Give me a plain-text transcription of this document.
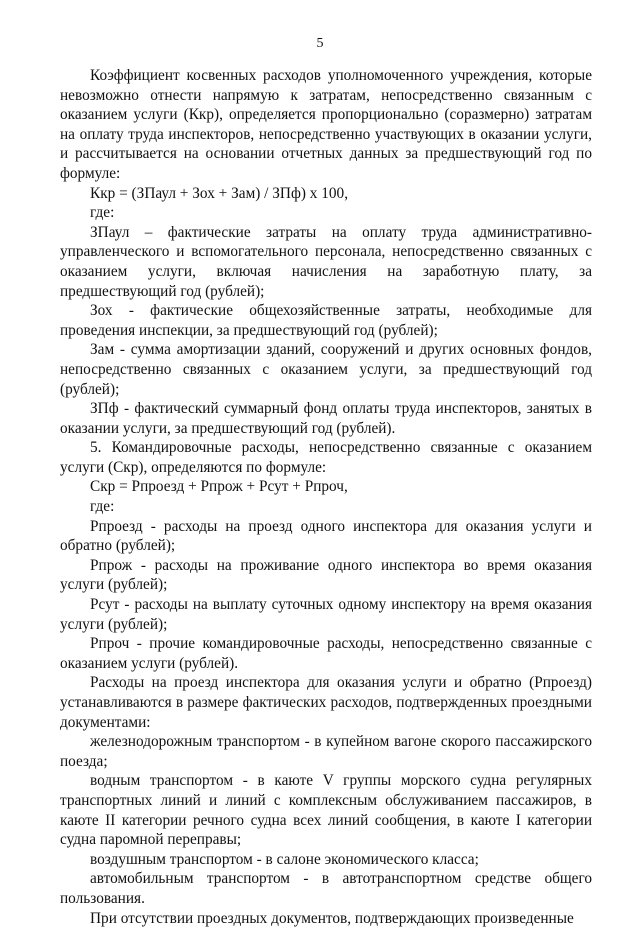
5

Коэффициент косвенных расходов уполномоченного учреждения, которые невозможно отнести напрямую к затратам, непосредственно связанным с оказанием услуги (Ккр), определяется пропорционально (соразмерно) затратам на оплату труда инспекторов, непосредственно участвующих в оказании услуги, и рассчитывается на основании отчетных данных за предшествующий год по формуле:

Ккр = (ЗПаул + Зох + Зам) / ЗПф) х 100,

где:

ЗПаул – фактические затраты на оплату труда административно-управленческого и вспомогательного персонала, непосредственно связанных с оказанием услуги, включая начисления на заработную плату, за предшествующий год (рублей);

Зох - фактические общехозяйственные затраты, необходимые для проведения инспекции, за предшествующий год (рублей);

Зам - сумма амортизации зданий, сооружений и других основных фондов, непосредственно связанных с оказанием услуги, за предшествующий год (рублей);

ЗПф - фактический суммарный фонд оплаты труда инспекторов, занятых в оказании услуги, за предшествующий год (рублей).

5. Командировочные расходы, непосредственно связанные с оказанием услуги (Скр), определяются по формуле:

Скр = Рпроезд + Рпрож + Рсут + Рпроч,

где:

Рпроезд - расходы на проезд одного инспектора для оказания услуги и обратно (рублей);

Рпрож - расходы на проживание одного инспектора во время оказания услуги (рублей);

Рсут - расходы на выплату суточных одному инспектору на время оказания услуги (рублей);

Рпроч - прочие командировочные расходы, непосредственно связанные с оказанием услуги (рублей).

Расходы на проезд инспектора для оказания услуги и обратно (Рпроезд) устанавливаются в размере фактических расходов, подтвержденных проездными документами:

железнодорожным транспортом - в купейном вагоне скорого пассажирского поезда;

водным транспортом - в каюте V группы морского судна регулярных транспортных линий и линий с комплексным обслуживанием пассажиров, в каюте II категории речного судна всех линий сообщения, в каюте I категории судна паромной переправы;

воздушным транспортом - в салоне экономического класса;

автомобильным транспортом - в автотранспортном средстве общего пользования.

При отсутствии проездных документов, подтверждающих произведенные
